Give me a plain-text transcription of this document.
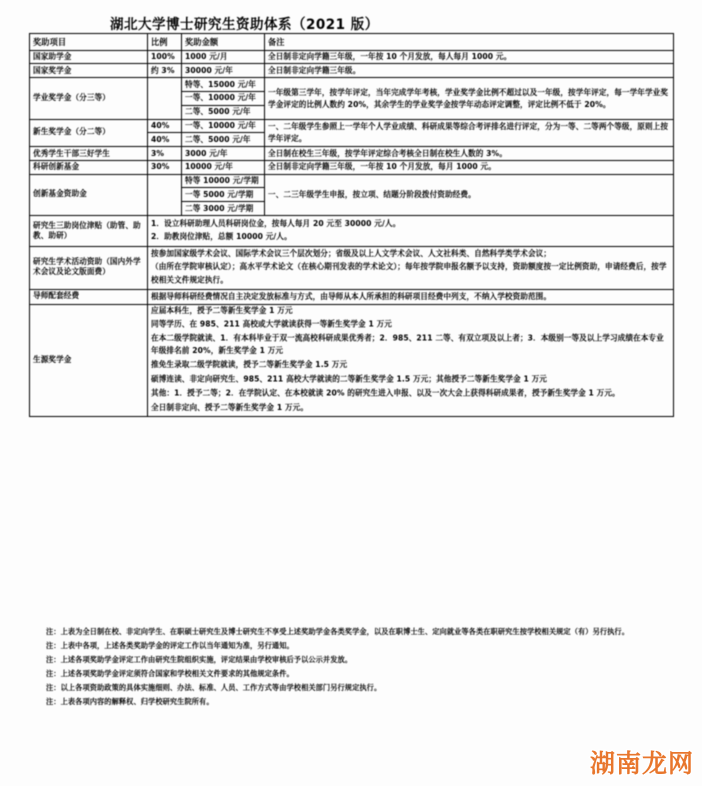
湖北大学博士研究生资助体系（2021 版）
奖助项目	比例	奖助金额	备注
国家助学金	100%	1000 元/月	全日制非定向学籍三年级，一年按 10 个月发放，每人每月 1000 元。
国家奖学金	约 3%	30000 元/年	全日制非定向学籍三年级。
学业奖学金（分三等）		特等、15000 元/年	一年级第三学年，按学年评定，当年完成学年考核，学业奖学金比例不超过以及一年级，按学年评定，每一学年学业奖学金评定的比例人数约 20%，其余学生的学业奖学金按学年动态评定调整，评定比例不低于 20%。
		一等、10000 元/年	
		二等、5000 元/年	
新生奖学金（分二等）	40%	一等、10000 元/年	一、二年级学生参照上一学年个人学业成绩、科研成果等综合考评排名进行评定，分为一等、二等两个等级，原则上按学年评定。
	40%	二等、5000 元/年	
优秀学生干部三好学生	3%	3000 元/年	全日制在校生三年级，按学年评定综合考核全日制在校生人数的 3%。
科研创新基金	30%	10000 元/年	全日制非定向学籍三年级，一年按 10 个月发放，每月 1000 元。
创新基金资助金		特等 10000 元/学期	一、二三年级学生申报，按立项、结题分阶段拨付资助经费。
		一等 5000 元/学期	
		二等 3000 元/学期	
研究生三助岗位津贴（助管、助教、助研）	1．设立科研助理人员科研岗位金，按每人每月 20 元至 30000 元/人。
2．助教岗位津贴，总额 10000 元/人。		

研究生学术活动资助（国内外学术会议及论文版面费）	按参加国家级学术会议、国际学术会议三个层次划分；省级及以上人文学术会议、人文社科类、自然科学类学术会议；
（由所在学院审核认定）；高水平学术论文（在核心期刊发表的学术论文）；每年按学院申报名额予以支持，资助额度按一定比例资助，申请经费后，按学校相关文件规定执行。		

导师配套经费	根据导师科研经费情况自主决定发放标准与方式，由导师从本人所承担的科研项目经费中列支，不纳入学校资助范围。		
生源奖学金	
应届本科生，授予二等新生奖学金 1 万元
同等学历、在 985、211 高校或大学就读获得一等新生奖学金 1 万元
在本二级学院就读、1．有本科毕业于双一流高校科研成果优秀者；2．985、211 二等、有双立项及以上者；3．本级别一等及以上学习成绩在本专业年级排名前 20%，新生奖学金 1 万元
推免生录取二级学院就读，授予二等新生奖学金 1.5 万元
硕博连读、非定向研究生、985、211 高校大学就读的二等新生奖学金 1.5 万元；其他授予二等新生奖学金 1 万元
其他：1．授予二等；2．在学院认定、在本校就读 20% 的研究生进入申报、以及一次大会上获得科研成果者，授予新生奖学金 1 万元。
全日制非定向、授予二等新生奖学金 1 万元。
注：上表为全日制在校、非定向学生、在职硕士研究生及博士研究生不享受上述奖助学金各类奖学金，以及在职博士生、定向就业等各类在职研究生按学校相关规定（有）另行执行。
注：上表中各项，上述各类奖助学金的评定工作以当年通知为准，另行通知。
注：上述各项奖助学金评定工作由研究生院组织实施，评定结果由学校审核后予以公示并发放。
注：上述各项奖助学金评定须符合国家和学校相关文件要求的其他规定条件。
注：以上各项资助政策的具体实施细则、办法、标准、人员、工作方式等由学校相关部门另行规定执行。
注：上表各项内容的解释权、归学校研究生院所有。
湖南龙网
